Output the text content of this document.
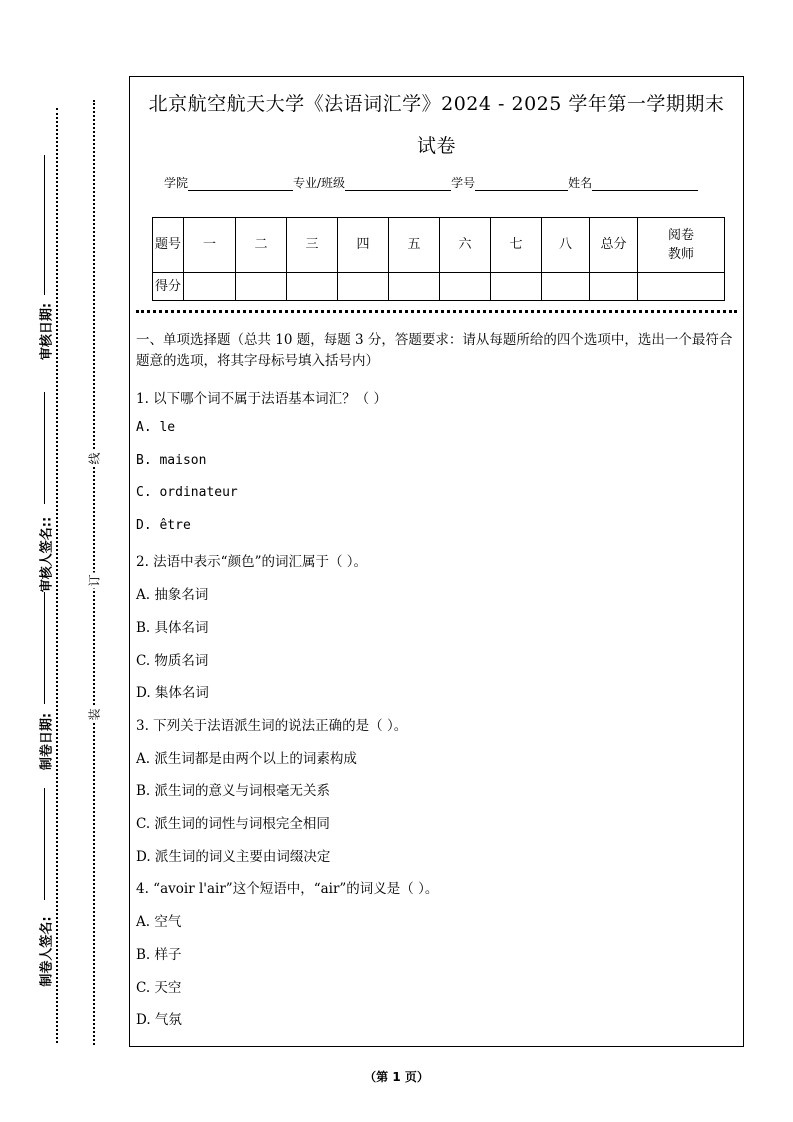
审核日期:
审核人签名::
制卷日期:
制卷人签名:
线
订
装
北京航空航天大学《法语词汇学》2024 - 2025 学年第一学期期末
试卷
学院	专业/班级	学号	姓名
题号	一	二	三	四	五	六	七	八	总分	阅卷教师
得分										

一、单项选择题（总共 10 题，每题 3 分，答题要求：请从每题所给的四个选项中，选出一个最符合题意的选项，将其字母标号填入括号内）

1. 以下哪个词不属于法语基本词汇？（ ）
A. le
B. maison
C. ordinateur
D. être
2. 法语中表示“颜色”的词汇属于（ ）。
A. 抽象名词
B. 具体名词
C. 物质名词
D. 集体名词
3. 下列关于法语派生词的说法正确的是（ ）。
A. 派生词都是由两个以上的词素构成
B. 派生词的意义与词根毫无关系
C. 派生词的词性与词根完全相同
D. 派生词的词义主要由词缀决定
4. “avoir l'air”这个短语中，“air”的词义是（ ）。
A. 空气
B. 样子
C. 天空
D. 气氛
（第 1 页）
